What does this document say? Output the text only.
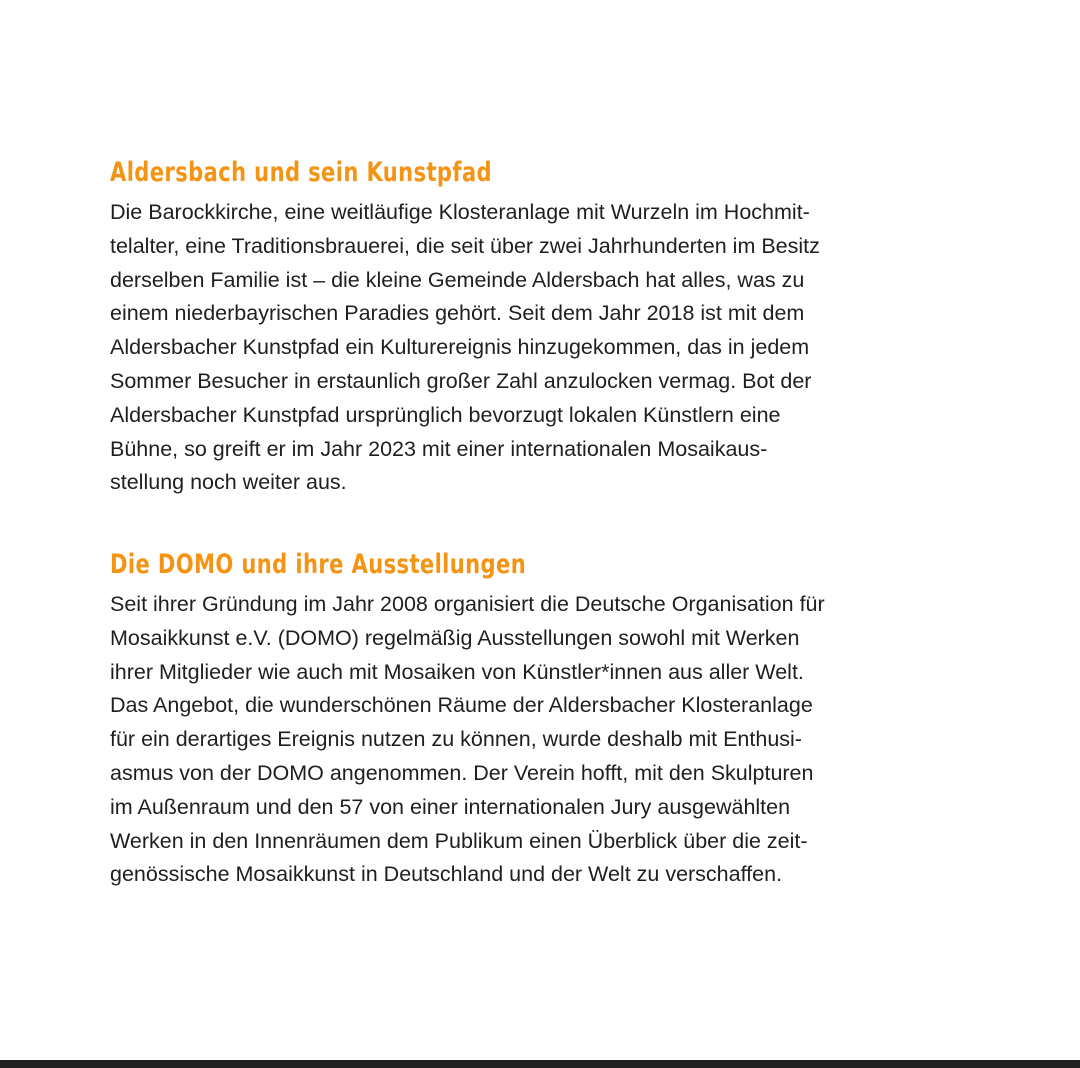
Aldersbach und sein Kunstpfad
Die Barockkirche, eine weitläufige Klosteranlage mit Wurzeln im Hochmit-
telalter, eine Traditionsbrauerei, die seit über zwei Jahrhunderten im Besitz
derselben Familie ist – die kleine Gemeinde Aldersbach hat alles, was zu
einem niederbayrischen Paradies gehört. Seit dem Jahr 2018 ist mit dem
Aldersbacher Kunstpfad ein Kulturereignis hinzugekommen, das in jedem
Sommer Besucher in erstaunlich großer Zahl anzulocken vermag. Bot der
Aldersbacher Kunstpfad ursprünglich bevorzugt lokalen Künstlern eine
Bühne, so greift er im Jahr 2023 mit einer internationalen Mosaikaus-
stellung noch weiter aus.
Die DOMO und ihre Ausstellungen
Seit ihrer Gründung im Jahr 2008 organisiert die Deutsche Organisation für
Mosaikkunst e.V. (DOMO) regelmäßig Ausstellungen sowohl mit Werken
ihrer Mitglieder wie auch mit Mosaiken von Künstler*innen aus aller Welt.
Das Angebot, die wunderschönen Räume der Aldersbacher Klosteranlage
für ein derartiges Ereignis nutzen zu können, wurde deshalb mit Enthusi-
asmus von der DOMO angenommen. Der Verein hofft, mit den Skulpturen
im Außenraum und den 57 von einer internationalen Jury ausgewählten
Werken in den Innenräumen dem Publikum einen Überblick über die zeit-
genössische Mosaikkunst in Deutschland und der Welt zu verschaffen.
